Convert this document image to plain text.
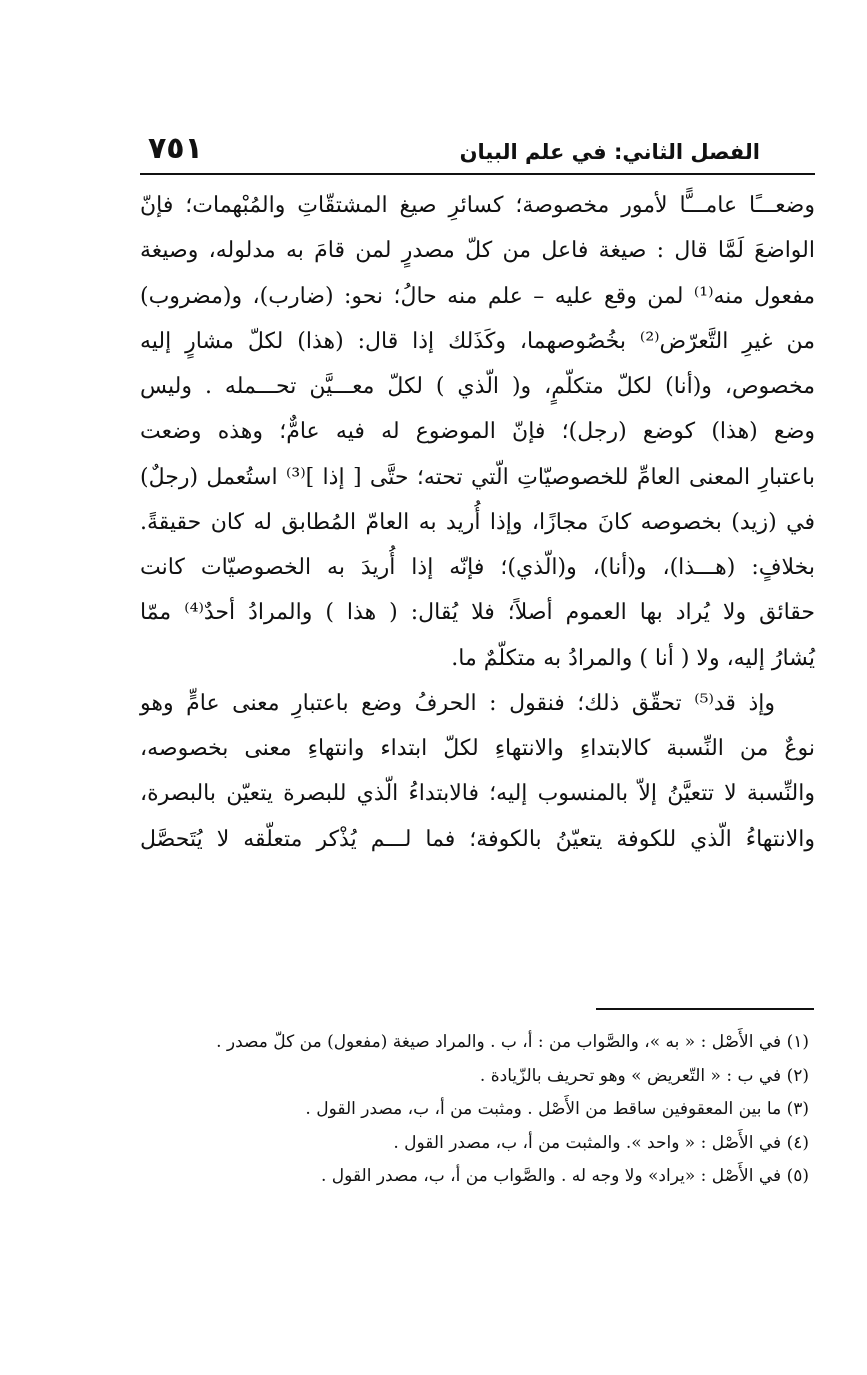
الفصل الثاني: في علم البيان
٧٥١
وضعـــًا عامـــًّا لأمور مخصوصة؛ كسائرِ صيغ المشتقّاتِ والمُبْهمات؛ فإنّ
الواضعَ لَمَّا قال : صيغة فاعل من كلّ مصدرٍ لمن قامَ به مدلوله، وصيغة
مفعول منه⁽¹⁾ لمن وقع عليه – علم منه حالُ؛ نحو: (ضارب)، و(مضروب)
من غيرِ التَّعرّض⁽²⁾ بخُصُوصهما، وكَذَلك إذا قال: (هذا) لكلّ مشارٍ إليه
مخصوص، و(أنا) لكلّ متكلّمٍ، و( الّذي ) لكلّ معـــيَّن تحـــمله . وليس
وضع (هذا) كوضع (رجل)؛ فإنّ الموضوع له فيه عامٌّ؛ وهذه وضعت
باعتبارِ المعنى العامِّ للخصوصيّاتِ الّتي تحته؛ حتَّى [ إذا ]⁽³⁾ استُعمل (رجلٌ)
في (زيد) بخصوصه كانَ مجازًا، وإذا أُريد به العامّ المُطابق له كان حقيقةً.
بخلافٍ: (هـــذا)، و(أنا)، و(الّذي)؛ فإنّه إذا أُريدَ به الخصوصيّات كانت
حقائق ولا يُراد بها العموم أصلاً؛ فلا يُقال: ( هذا ) والمرادُ أحدٌ⁽⁴⁾ ممّا
يُشارُ إليه، ولا ( أنا ) والمرادُ به متكلّمٌ ما.
وإذ قد⁽⁵⁾ تحقّق ذلك؛ فنقول : الحرفُ وضع باعتبارِ معنى عامٍّ وهو
نوعٌ من النِّسبة كالابتداءِ والانتهاءِ لكلّ ابتداء وانتهاءِ معنى بخصوصه،
والنِّسبة لا تتعيَّنُ إلاّ بالمنسوب إليه؛ فالابتداءُ الّذي للبصرة يتعيّن بالبصرة،
والانتهاءُ الّذي للكوفة يتعيّنُ بالكوفة؛ فما لـــم يُذْكر متعلّقه لا يُتَحصَّل
(١) في الأَصْل : « به »، والصَّواب من : أ، ب . والمراد صيغة (مفعول) من كلّ مصدر .
(٢) في ب : « التّعريض » وهو تحريف بالزّيادة .
(٣) ما بين المعقوفين ساقط من الأَصْل . ومثبت من أ، ب، مصدر القول .
(٤) في الأَصْل : « واحد ». والمثبت من أ، ب، مصدر القول .
(٥) في الأَصْل : «يراد» ولا وجه له . والصَّواب من أ، ب، مصدر القول .
